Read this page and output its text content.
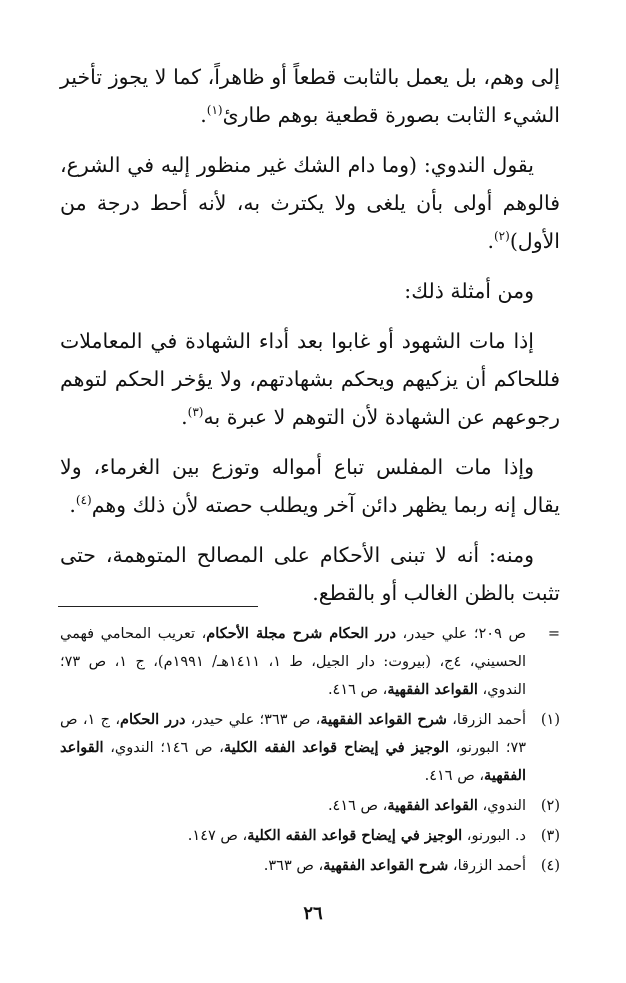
إلى وهم، بل يعمل بالثابت قطعاً أو ظاهراً، كما لا يجوز تأخير الشيء الثابت بصورة قطعية بوهم طارئ$^{(١)}$.

يقول الندوي: (وما دام الشك غير منظور إليه في الشرع، فالوهم أولى بأن يلغى ولا يكترث به، لأنه أحط درجة من الأول)$^{(٢)}$.

ومن أمثلة ذلك:

إذا مات الشهود أو غابوا بعد أداء الشهادة في المعاملات فللحاكم أن يزكيهم ويحكم بشهادتهم، ولا يؤخر الحكم لتوهم رجوعهم عن الشهادة لأن التوهم لا عبرة به$^{(٣)}$.

وإذا مات المفلس تباع أمواله وتوزع بين الغرماء، ولا يقال إنه ربما يظهر دائن آخر ويطلب حصته لأن ذلك وهم$^{(٤)}$.

ومنه: أنه لا تبنى الأحكام على المصالح المتوهمة، حتى تثبت بالظن الغالب أو بالقطع.

=
ص ٢٠٩؛ علي حيدر، درر الحكام شرح مجلة الأحكام، تعريب المحامي فهمي الحسيني، ٤ج، (بيروت: دار الجيل، ط ١، ١٤١١هـ/ ١٩٩١م)، ج ١، ص ٧٣؛ الندوي، القواعد الفقهية، ص ٤١٦.
(١)
أحمد الزرقا، شرح القواعد الفقهية، ص ٣٦٣؛ علي حيدر، درر الحكام، ج ١، ص ٧٣؛ البورنو، الوجيز في إيضاح قواعد الفقه الكلية، ص ١٤٦؛ الندوي، القواعد الفقهية، ص ٤١٦.
(٢)
الندوي، القواعد الفقهية، ص ٤١٦.
(٣)
د. البورنو، الوجيز في إيضاح قواعد الفقه الكلية، ص ١٤٧.
(٤)
أحمد الزرقا، شرح القواعد الفقهية، ص ٣٦٣.
٢٦
